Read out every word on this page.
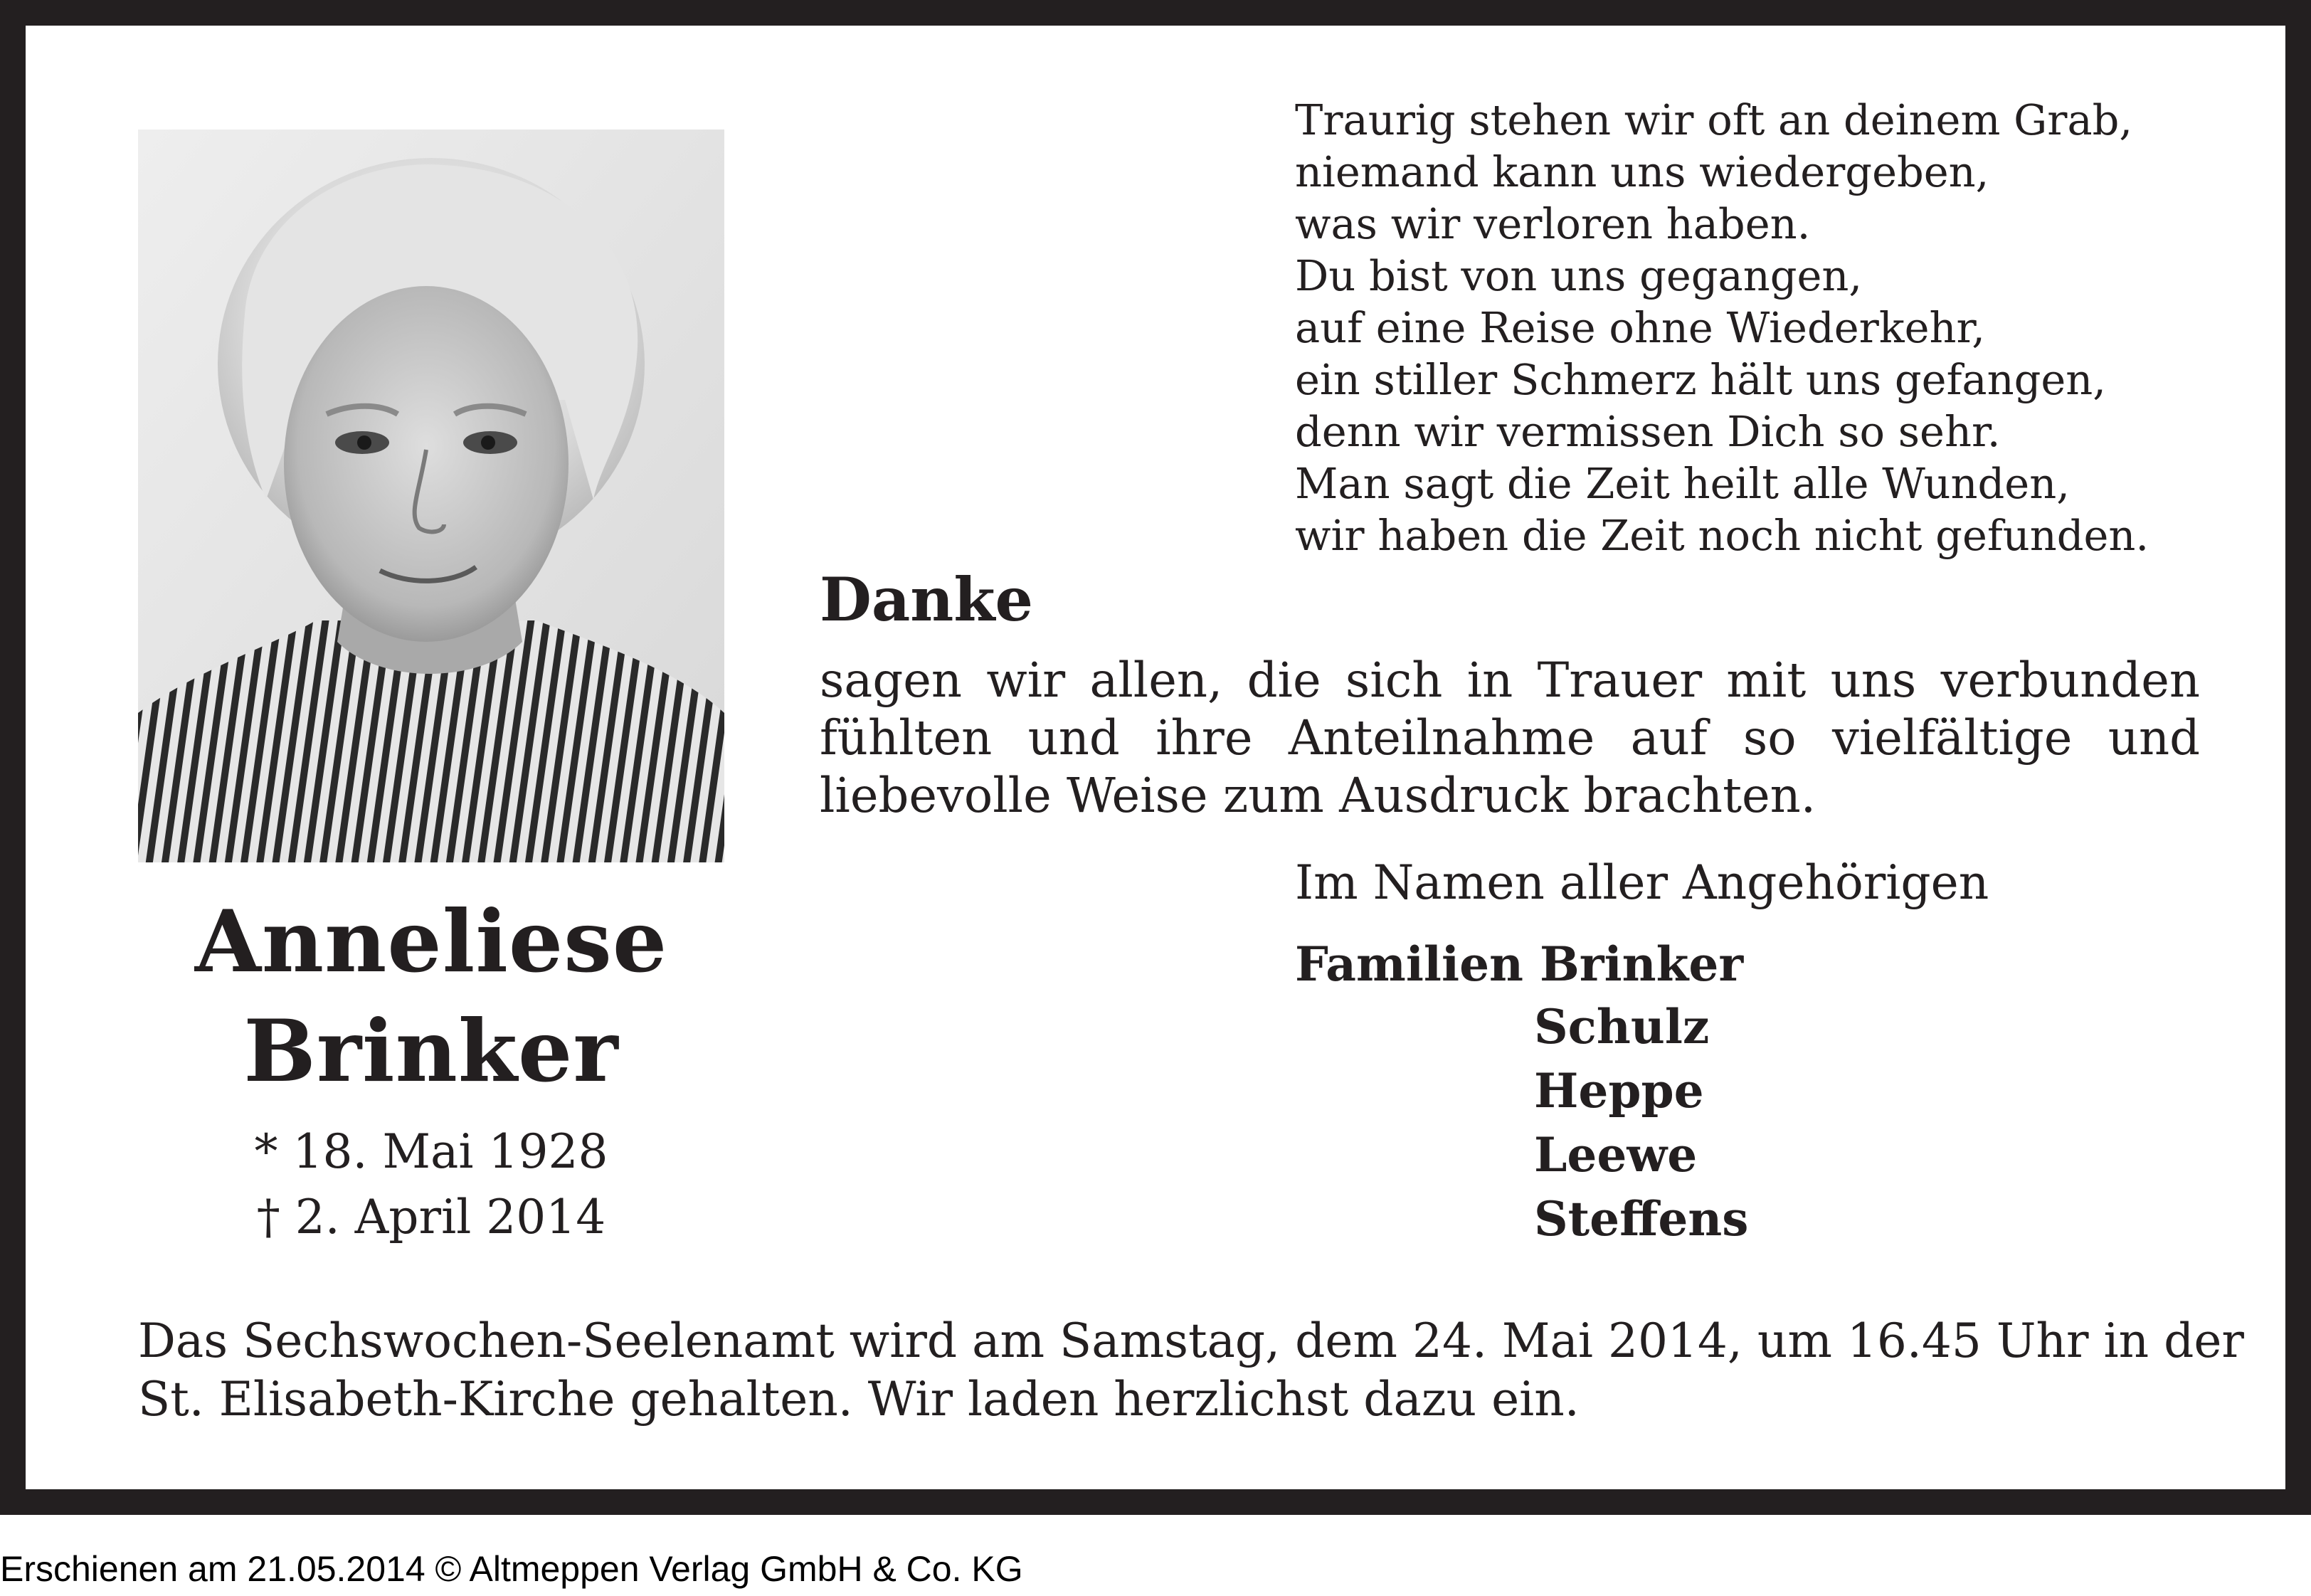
Anneliese
Brinker
* 18. Mai 1928
† 2. April 2014
Traurig stehen wir oft an deinem Grab,
niemand kann uns wiedergeben,
was wir verloren haben.
Du bist von uns gegangen,
auf eine Reise ohne Wiederkehr,
ein stiller Schmerz hält uns gefangen,
denn wir vermissen Dich so sehr.
Man sagt die Zeit heilt alle Wunden,
wir haben die Zeit noch nicht gefunden.
Danke
sagen wir allen, die sich in Trauer mit uns verbunden
fühlten und ihre Anteilnahme auf so vielfältige und
liebevolle Weise zum Ausdruck brachten.
Im Namen aller Angehörigen
Familien Brinker
Schulz
Heppe
Leewe
Steffens
Das Sechswochen-Seelenamt wird am Samstag, dem 24. Mai 2014, um 16.45 Uhr in der
St. Elisabeth-Kirche gehalten. Wir laden herzlichst dazu ein.
Erschienen am 21.05.2014 © Altmeppen Verlag GmbH & Co. KG
